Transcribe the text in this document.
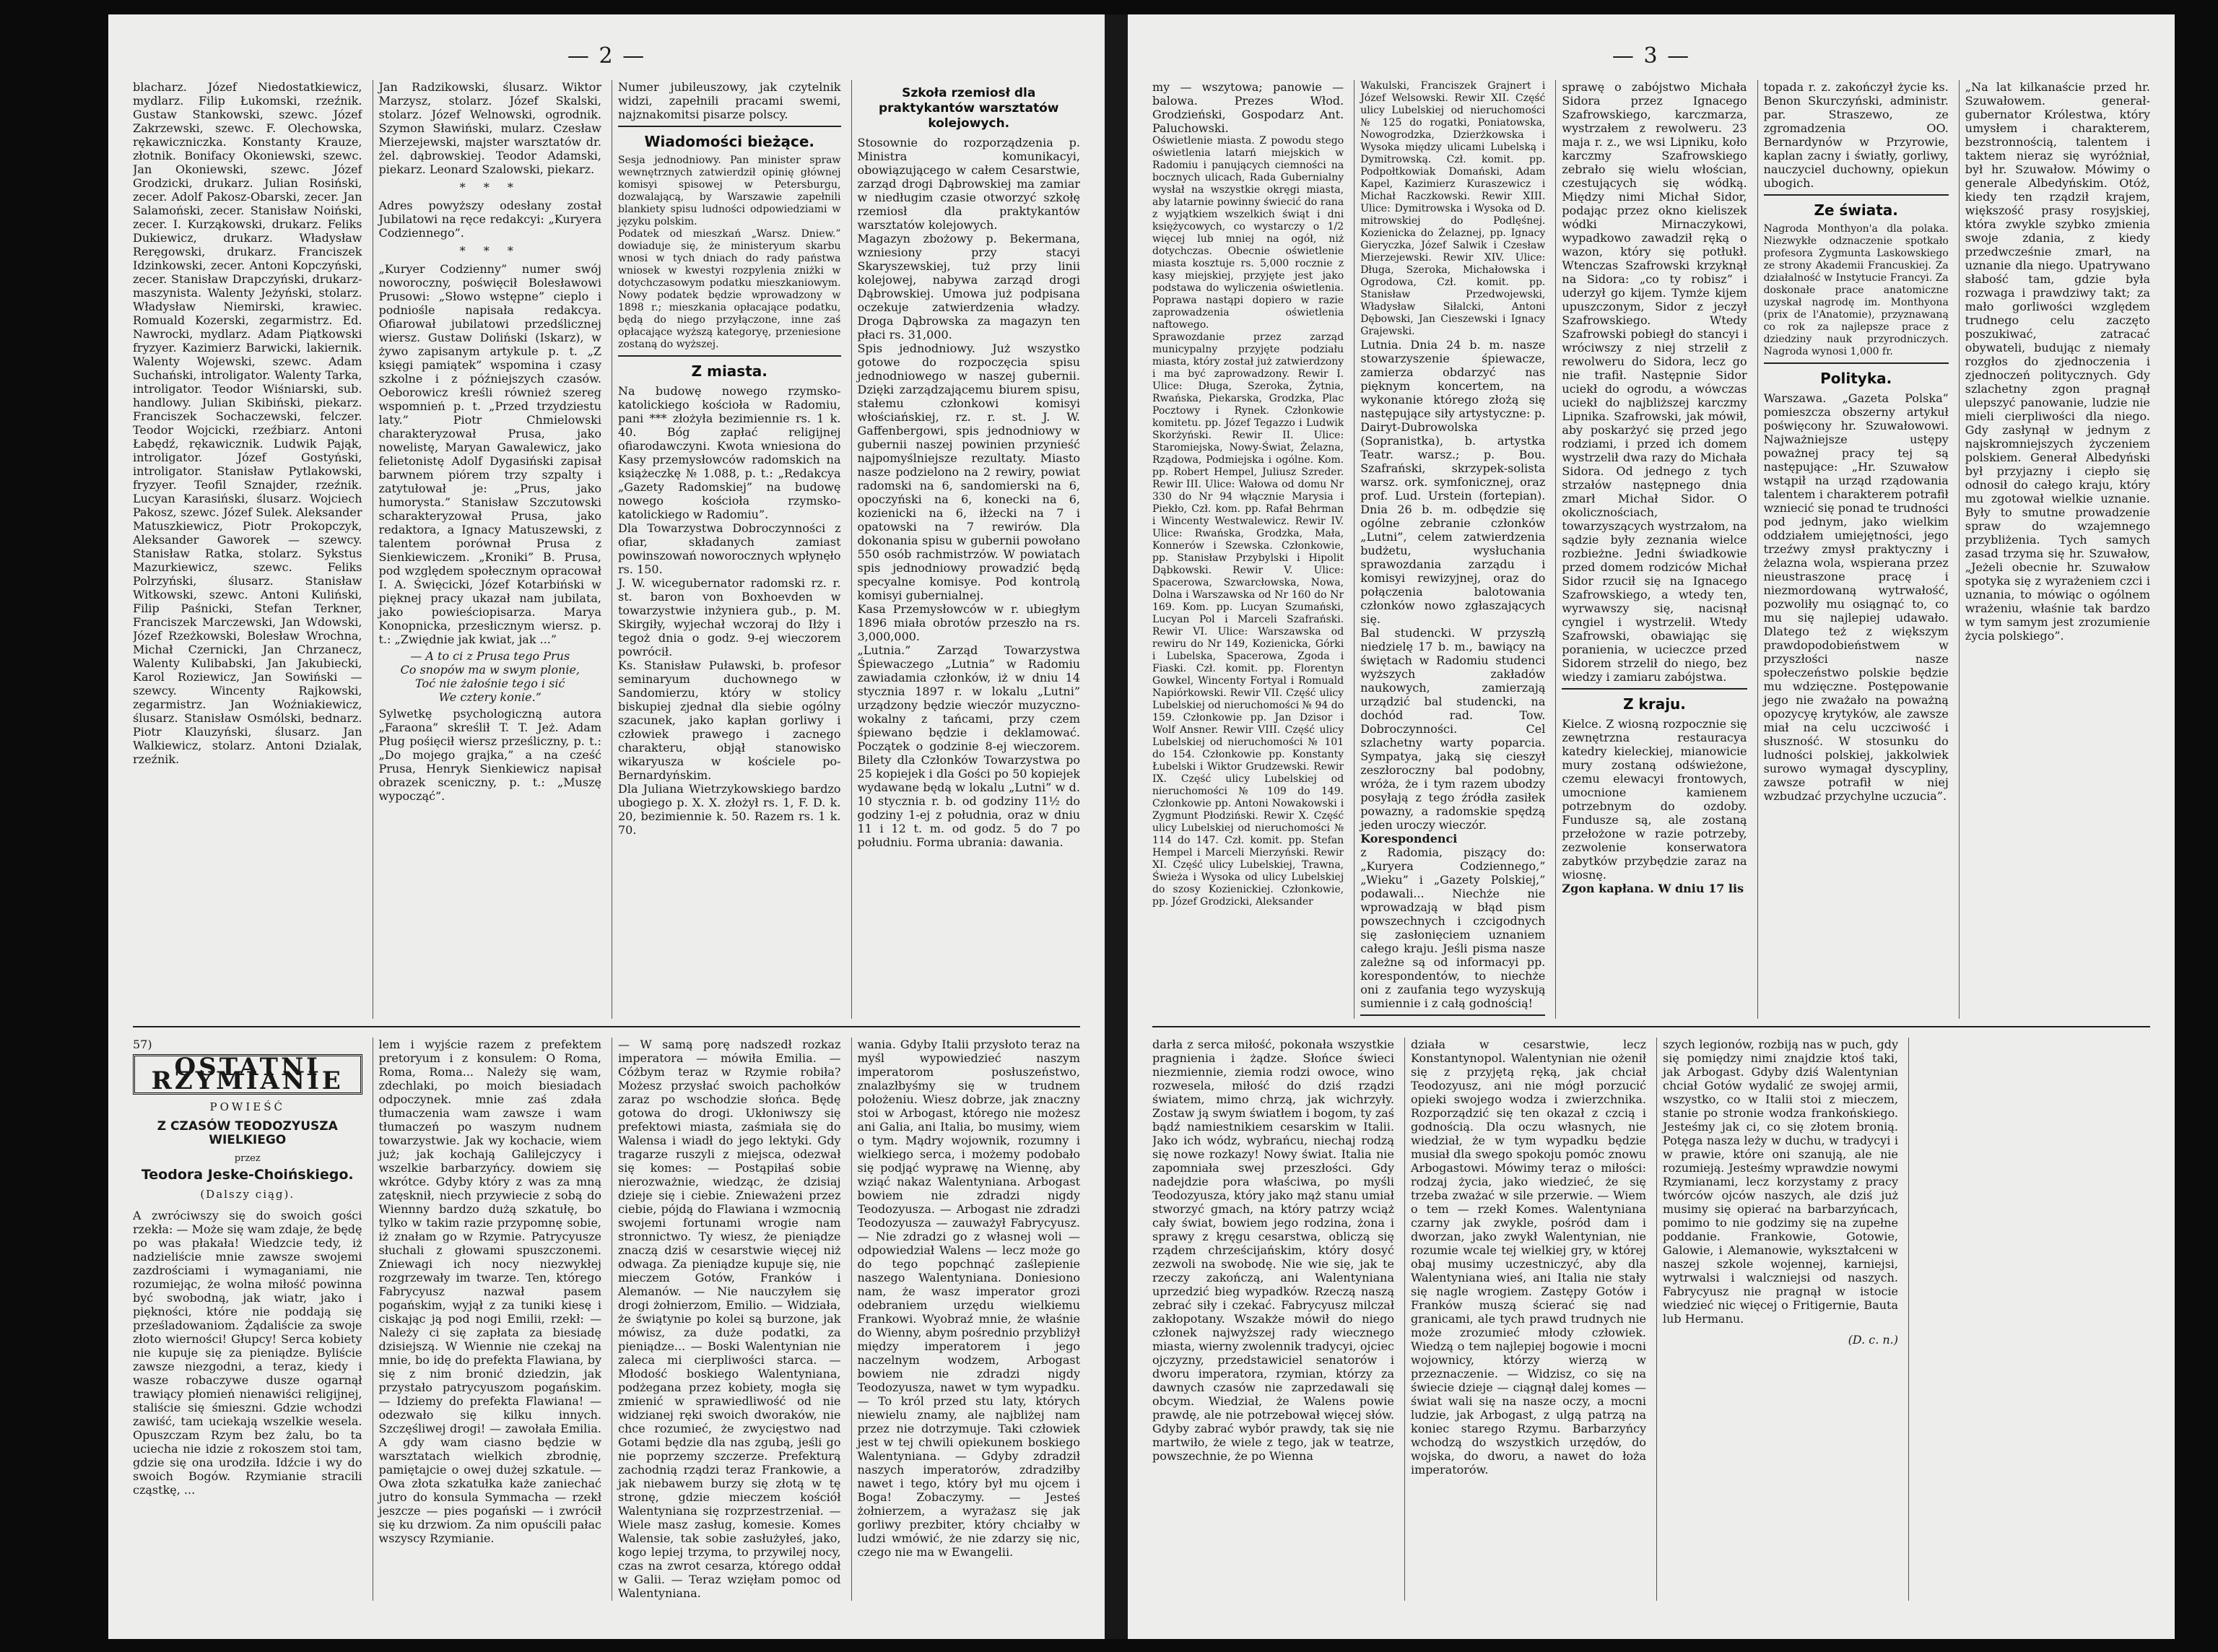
— 2 —
blacharz. Józef Niedostatkiewicz, mydlarz. Filip Łukomski, rzeźnik. Gustaw Stankowski, szewc. Józef Zakrzewski, szewc. F. Olechowska, rękawiczniczka. Konstanty Krauze, złotnik. Bonifacy Okoniewski, szewc. Jan Okoniewski, szewc. Józef Grodzicki, drukarz. Julian Rosiński, zecer. Adolf Pakosz-Obarski, zecer. Jan Salamoński, zecer. Stanisław Noiński, zecer. I. Kurząkowski, drukarz. Feliks Dukiewicz, drukarz. Władysław Reręgowski, drukarz. Franciszek Idzinkowski, zecer. Antoni Kopczyński, zecer. Stanisław Drapczyński, drukarz-maszynista. Walenty Jeżyński, stolarz. Władysław Niemirski, krawiec. Romuald Kozerski, zegarmistrz. Ed. Nawrocki, mydlarz. Adam Piątkowski fryzyer. Kazimierz Barwicki, lakiernik. Walenty Wojewski, szewc. Adam Suchański, introligator. Walenty Tarka, introligator. Teodor Wiśniarski, sub. handlowy. Julian Skibiński, piekarz. Franciszek Sochaczewski, felczer. Teodor Wojcicki, rzeźbiarz. Antoni Łabędź, rękawicznik. Ludwik Pająk, introligator. Józef Gostyński, introligator. Stanisław Pytlakowski, fryzyer. Teofil Sznajder, rzeźnik. Lucyan Karasiński, ślusarz. Wojciech Pakosz, szewc. Józef Sulek. Aleksander Matuszkiewicz, Piotr Prokopczyk, Aleksander Gaworek — szewcy. Stanisław Ratka, stolarz. Sykstus Mazurkiewicz, szewc. Feliks Polrzyński, ślusarz. Stanisław Witkowski, szewc. Antoni Kuliński, Filip Paśnicki, Stefan Terkner, Franciszek Marczewski, Jan Wdowski, Józef Rzeżkowski, Bolesław Wrochna, Michał Czernicki, Jan Chrzanecz, Walenty Kulibabski, Jan Jakubiecki, Karol Roziewicz, Jan Sowiński — szewcy. Wincenty Rajkowski, zegarmistrz. Jan Woźniakiewicz, ślusarz. Stanisław Osmólski, bednarz. Piotr Klauzyński, ślusarz. Jan Walkiewicz, stolarz. Antoni Dzialak, rzeźnik.
Jan Radzikowski, ślusarz. Wiktor Marzysz, stolarz. Józef Skalski, stolarz. Józef Welnowski, ogrodnik. Szymon Sławiński, mularz. Czesław Mierzejewski, majster warsztatów dr. żel. dąbrowskiej. Teodor Adamski, piekarz. Leonard Szalowski, piekarz.
* * *
Adres powyższy odesłany został Jubilatowi na ręce redakcyi: „Kuryera Codziennego”.
* * *
„Kuryer Codzienny” numer swój noworoczny, poświęcił Bolesławowi Prusowi: „Słowo wstępne” cieplo i podniośle napisała redakcya. Ofiarował jubilatowi przedślicznej wiersz. Gustaw Doliński (Iskarz), w żywo zapisanym artykule p. t. „Z księgi pamiątek” wspomina i czasy szkolne i z późniejszych czasów. Oeborowicz kreśli również szereg wspomnień p. t. „Przed trzydziestu laty.” Piotr Chmielowski charakteryzował Prusa, jako nowelistę, Maryan Gawalewicz, jako felietonistę Adolf Dygasiński zapisał barwnem piórem trzy szpalty i zatytułował je: „Prus, jako humorysta.” Stanisław Szczutowski scharakteryzował Prusa, jako redaktora, a Ignacy Matuszewski, z talentem porównał Prusa z Sienkiewiczem. „Kroniki” B. Prusa, pod względem społecznym opracował I. A. Święcicki, Józef Kotarbiński w pięknej pracy ukazał nam jubilata, jako powieściopisarza. Marya Konopnicka, przesłicznym wiersz. p. t.: „Zwiędnie jak kwiat, jak ...”
— A to ci z Prusa tego Prus
Co snopów ma w swym plonie,
Toć nie żałośnie tego i sić
We cztery konie.”
Sylwetkę psychologiczną autora „Faraona” skreślił T. T. Jeż. Adam Pług pośięcił wiersz prześliczny, p. t.: „Do mojego grajka,” a na cześć Prusa, Henryk Sienkiewicz napisał obrazek sceniczny, p. t.: „Muszę wypocząć”.
Numer jubileuszowy, jak czytelnik widzi, zapełnili pracami swemi, najznakomitsi pisarze polscy.
Wiadomości bieżące.
Sesja jednodniowy. Pan minister spraw wewnętrznych zatwierdził opinię głównej komisyi spisowej w Petersburgu, dozwalającą, by Warszawie zapełnili blankiety spisu ludności odpowiedziami w języku polskim.
Podatek od mieszkań „Warsz. Dniew.” dowiaduje się, że ministeryum skarbu wnosi w tych dniach do rady państwa wniosek w kwestyi rozpylenia zniżki w dotychczasowym podatku mieszkaniowym. Nowy podatek będzie wprowadzony w 1898 r.; mieszkania opłacające podatku, będą do niego przyłączone, inne zaś opłacające wyższą kategoryę, przeniesione zostaną do wyższej.
Z miasta.
Na budowę nowego rzymsko-katolickiego kościoła w Radomiu, pani *** złożyła bezimiennie rs. 1 k. 40. Bóg zapłać religijnej ofiarodawczyni. Kwota wniesiona do Kasy przemysłowców radomskich na książeczkę № 1.088, p. t.: „Redakcya „Gazety Radomskiej” na budowę nowego kościoła rzymsko-katolickiego w Radomiu”.
Dla Towarzystwa Dobroczynności z ofiar, składanych zamiast powinszowań noworocznych wpłynęło rs. 150.
J. W. wicegubernator radomski rz. r. st. baron von Boxhoevden w towarzystwie inżyniera gub., p. M. Skirgiły, wyjechał wczoraj do Iłży i tegoż dnia o godz. 9-ej wieczorem powrócił.
Ks. Stanisław Puławski, b. profesor seminaryum duchownego w Sandomierzu, który w stolicy biskupiej zjednał dla siebie ogólny szacunek, jako kapłan gorliwy i człowiek prawego i zacnego charakteru, objął stanowisko wikaryusza w kościele po-Bernardyńskim.
Dla Juliana Wietrzykowskiego bardzo ubogiego p. X. X. złożył rs. 1, F. D. k. 20, bezimiennie k. 50. Razem rs. 1 k. 70.
Szkoła rzemiosł dla praktykantów warsztatów kolejowych.
Stosownie do rozporządzenia p. Ministra komunikacyi, obowiązującego w całem Cesarstwie, zarząd drogi Dąbrowskiej ma zamiar w niedługim czasie otworzyć szkołę rzemiosł dla praktykantów warsztatów kolejowych.
Magazyn zbożowy p. Bekermana, wzniesiony przy stacyi Skaryszewskiej, tuż przy linii kolejowej, nabywa zarząd drogi Dąbrowskiej. Umowa już podpisana oczekuje zatwierdzenia władzy. Droga Dąbrowska za magazyn ten płaci rs. 31,000.
Spis jednodniowy. Już wszystko gotowe do rozpoczęcia spisu jednodniowego w naszej gubernii. Dzięki zarządzającemu biurem spisu, stałemu członkowi komisyi włościańskiej, rz. r. st. J. W. Gaffenbergowi, spis jednodniowy w gubernii naszej powinien przynieść najpomyślniejsze rezultaty. Miasto nasze podzielono na 2 rewiry, powiat radomski na 6, sandomierski na 6, opoczyński na 6, konecki na 6, kozienicki na 6, iłżecki na 7 i opatowski na 7 rewirów. Dla dokonania spisu w gubernii powołano 550 osób rachmistrzów. W powiatach spis jednodniowy prowadzić będą specyalne komisye. Pod kontrolą komisyi gubernialnej.
Kasa Przemysłowców w r. ubiegłym 1896 miała obrotów przeszło na rs. 3,000,000.
„Lutnia.” Zarząd Towarzystwa Śpiewaczego „Lutnia” w Radomiu zawiadamia członków, iż w dniu 14 stycznia 1897 r. w lokalu „Lutni” urządzony będzie wieczór muzyczno-wokalny z tańcami, przy czem śpiewano będzie i deklamować. Początek o godzinie 8-ej wieczorem. Bilety dla Członków Towarzystwa po 25 kopiejek i dla Gości po 50 kopiejek wydawane będą w lokalu „Lutni” w d. 10 stycznia r. b. od godziny 11½ do godziny 1-ej z południa, oraz w dniu 11 i 12 t. m. od godz. 5 do 7 po południu. Forma ubrania: dawania.
57)
OSTATNI RZYMIANIE
POWIEŚĆ
Z CZASÓW TEODOZYUSZA WIELKIEGO
przez
Teodora Jeske-Choińskiego.
(Dalszy ciąg).
A zwróciwszy się do swoich gości rzekła: — Może się wam zdaje, że będę po was płakała! Wiedzcie tedy, iż nadzieliście mnie zawsze swojemi zazdrościami i wymaganiami, nie rozumiejąc, że wolna miłość powinna być swobodną, jak wiatr, jako i piękności, które nie poddają się prześladowaniom. Żądaliście za swoje złoto wierności! Głupcy! Serca kobiety nie kupuje się za pieniądze. Byliście zawsze niezgodni, a teraz, kiedy i wasze robaczywe dusze ogarnął trawiący płomień nienawiści religijnej, staliście się śmieszni. Gdzie wchodzi zawiść, tam uciekają wszelkie wesela. Opuszczam Rzym bez żalu, bo ta uciecha nie idzie z rokoszem stoi tam, gdzie się ona urodziła. Idźcie i wy do swoich Bogów. Rzymianie stracili cząstkę, ...
lem i wyjście razem z prefektem pretoryum i z konsulem: O Roma, Roma, Roma... Należy się wam, zdechlaki, po moich biesiadach odpoczynek. mnie zaś zdała tłumaczenia wam zawsze i wam tłumaczeń po waszym nudnem towarzystwie. Jak wy kochacie, wiem już; jak kochają Galilejczycy i wszelkie barbarzyńcy. dowiem się wkrótce. Gdyby który z was za mną zatęsknił, niech przywiecie z sobą do Wiennny bardzo dużą szkatułę, bo tylko w takim razie przypomnę sobie, iż znałam go w Rzymie. Patrycyusze słuchali z głowami spuszczonemi. Zniewagi ich nocy niezwykłej rozgrzewały im twarze. Ten, którego Fabrycyusz nazwał pasem pogańskim, wyjął z za tuniki kiesę i ciskając ją pod nogi Emilii, rzekł: — Należy ci się zapłata za biesiadę dzisiejszą. W Wiennie nie czekaj na mnie, bo idę do prefekta Flawiana, by się z nim bronić dziedzin, jak przystało patrycyuszom pogańskim. — Idziemy do prefekta Flawiana! — odezwało się kilku innych. Szczęśliwej drogi! — zawołała Emilia. A gdy wam ciasno będzie w warsztatach wielkich zbrodnię, pamiętajcie o owej dużej szkatule. — Owa złota szkatułka każe zaniechać jutro do konsula Symmacha — rzekł jeszcze — pies pogański — i zwrócił się ku drzwiom. Za nim opuścili pałac wszyscy Rzymianie.
— W samą porę nadszedł rozkaz imperatora — mówiła Emilia. — Cóżbym teraz w Rzymie robiła? Możesz przysłać swoich pachołków zaraz po wschodzie słońca. Będę gotowa do drogi. Ukłoniwszy się prefektowi miasta, zaśmiała się do Walensa i wiadł do jego lektyki. Gdy tragarze ruszyli z miejsca, odezwał się komes: — Postąpiłaś sobie nierozważnie, wiedząc, że dzisiaj dzieje się i ciebie. Znieważeni przez ciebie, pójdą do Flawiana i wzmocnią swojemi fortunami wrogie nam stronnictwo. Ty wiesz, że pieniądze znaczą dziś w cesarstwie więcej niż odwaga. Za pieniądze kupuje się, nie mieczem Gotów, Franków i Alemanów. — Nie nauczyłem się drogi żołnierzom, Emilio. — Widziała, że świątynie po kolei są burzone, jak mówisz, za duże podatki, za pieniądze... — Boski Walentynian nie zaleca mi cierpliwości starca. — Młodość boskiego Walentyniana, podżegana przez kobiety, mogła się zmienić w sprawiedliwość od nie widzianej ręki swoich dworaków, nie chce rozumieć, że zwycięstwo nad Gotami będzie dla nas zgubą, jeśli go nie poprzemy szczerze. Prefekturą zachodnią rządzi teraz Frankowie, a jak niebawem burzy się złotą w tę stronę, gdzie mieczem kościół Walentyniana się rozprzestrzeniał. — Wiele masz zasług, komesie. Komes Walensie, tak sobie zasłużyłeś, jako, kogo lepiej trzyma, to przywilej nocy, czas na zwrot cesarza, którego oddał w Galii. — Teraz wzięłam pomoc od Walentyniana.
wania. Gdyby Italii przysłoto teraz na myśl wypowiedzieć naszym imperatorom posłuszeństwo, znalazłbyśmy się w trudnem położeniu. Wiesz dobrze, jak znaczny stoi w Arbogast, którego nie możesz ani Galia, ani Italia, bo musimy, wiem o tym. Mądry wojownik, rozumny i wielkiego serca, i możemy podobało się podjąć wyprawę na Wiennę, aby wziąć nakaz Walentyniana. Arbogast bowiem nie zdradzi nigdy Teodozyusza. — Arbogast nie zdradzi Teodozyusza — zauważył Fabrycyusz. — Nie zdradzi go z własnej woli — odpowiedział Walens — lecz może go do tego popchnąć zaślepienie naszego Walentyniana. Doniesiono nam, że wasz imperator grozi odebraniem urzędu wielkiemu Frankowi. Wyobraź mnie, że właśnie do Wienny, abym pośrednio przybliżył między imperatorem i jego naczelnym wodzem, Arbogast bowiem nie zdradzi nigdy Teodozyusza, nawet w tym wypadku. — To król przed stu laty, których niewielu znamy, ale najbliżej nam przez nie dotrzymuje. Taki człowiek jest w tej chwili opiekunem boskiego Walentyniana. — Gdyby zdradził naszych imperatorów, zdradziłby nawet i tego, który był mu ojcem i Boga! Zobaczymy. — Jesteś żołnierzem, a wyrażasz się jak gorliwy prezbiter, który chciałby w ludzi wmówić, że nie zdarzy się nic, czego nie ma w Ewangelii.
— 3 —
my — wszytowa; panowie — balowa. Prezes Włod. Grodzieński, Gospodarz Ant. Paluchowski.
Oświetlenie miasta. Z powodu stego oświetlenia latarń miejskich w Radomiu i panujących ciemności na bocznych ulicach, Rada Gubernialny wysłał na wszystkie okręgi miasta, aby latarnie powinny świecić do rana z wyjątkiem wszelkich świąt i dni księżycowych, co wystarczy o 1/2 więcej lub mniej na ogół, niż dotychczas. Obecnie oświetlenie miasta kosztuje rs. 5,000 rocznie z kasy miejskiej, przyjęte jest jako podstawa do wyliczenia oświetlenia. Poprawa nastąpi dopiero w razie zaprowadzenia oświetlenia naftowego.
Sprawozdanie przez zarząd municypalny przyjęte podziału miasta, który został już zatwierdzony i ma być zaprowadzony. Rewir I. Ulice: Długa, Szeroka, Żytnia, Rwańska, Piekarska, Grodzka, Plac Pocztowy i Rynek. Członkowie komitetu. pp. Józef Tegazzo i Ludwik Skorżyński. Rewir II. Ulice: Staromiejska, Nowy-Świat, Żelazna, Rządowa, Podmiejska i ogólne. Kom. pp. Robert Hempel, Juliusz Szreder. Rewir III. Ulice: Wałowa od domu Nr 330 do Nr 94 włącznie Marysia i Piekło, Czł. kom. pp. Rafał Behrman i Wincenty Westwalewicz. Rewir IV. Ulice: Rwańska, Grodzka, Mała, Konnerów i Szewska. Członkowie, pp. Stanisław Przybylski i Hipolit Dąbkowski. Rewir V. Ulice: Spacerowa, Szwarcłowska, Nowa, Dolna i Warszawska od Nr 160 do Nr 169. Kom. pp. Lucyan Szumański, Lucyan Pol i Marceli Szafrański. Rewir VI. Ulice: Warszawska od rewiru do Nr 149, Kozienicka, Górki i Lubelska, Spacerowa, Zgoda i Fiaski. Czł. komit. pp. Florentyn Gowkel, Wincenty Fortyal i Romuald Napiórkowski. Rewir VII. Część ulicy Lubelskiej od nieruchomości № 94 do 159. Członkowie pp. Jan Dzisor i Wolf Ansner. Rewir VIII. Część ulicy Lubelskiej od nieruchomości № 101 do 154. Członkowie pp. Konstanty Łubelski i Wiktor Grudzewski. Rewir IX. Część ulicy Lubelskiej od nieruchomości № 109 do 149. Członkowie pp. Antoni Nowakowski i Zygmunt Płodziński. Rewir X. Część ulicy Lubelskiej od nieruchomości № 114 do 147. Czł. komit. pp. Stefan Hempel i Marceli Mierzyński. Rewir XI. Część ulicy Lubelskiej, Trawna, Świeża i Wysoka od ulicy Lubelskiej do szosy Kozienickiej. Członkowie, pp. Józef Grodzicki, Aleksander
Wakulski, Franciszek Grajnert i Józef Welsowski. Rewir XII. Część ulicy Lubelskiej od nieruchomości № 125 do rogatki, Poniatowska, Nowogrodzka, Dzierżkowska i Wysoka między ulicami Lubelską i Dymitrowską. Czł. komit. pp. Podpołtkowiak Domański, Adam Kapel, Kazimierz Kuraszewicz i Michał Raczkowski. Rewir XIII. Ulice: Dymitrowska i Wysoka od D. mitrowskiej do Podlęśnej. Kozienicka do Żelaznej, pp. Ignacy Gieryczka, Józef Salwik i Czesław Mierzejewski. Rewir XIV. Ulice: Długa, Szeroka, Michałowska i Ogrodowa, Czł. komit. pp. Stanisław Przedwojewski, Władysław Siłalcki, Antoni Dębowski, Jan Cieszewski i Ignacy Grajewski.
Lutnia. Dnia 24 b. m. nasze stowarzyszenie śpiewacze, zamierza obdarzyć nas pięknym koncertem, na wykonanie którego złożą się następujące siły artystyczne: p. Dairyt-Dubrowolska (Sopranistka), b. artystka Teatr. warsz.; p. Bou. Szafrański, skrzypek-solista warsz. ork. symfonicznej, oraz prof. Lud. Urstein (fortepian). Dnia 26 b. m. odbędzie się ogólne zebranie członków „Lutni”, celem zatwierdzenia budżetu, wysłuchania sprawozdania zarządu i komisyi rewizyjnej, oraz do połączenia balotowania członków nowo zgłaszających się.
Bal studencki. W przyszłą niedzielę 17 b. m., bawiący na świętach w Radomiu studenci wyższych zakładów naukowych, zamierzają urządzić bal studencki, na dochód rad. Tow. Dobroczynności. Cel szlachetny warty poparcia. Sympatya, jaką się cieszył zeszłoroczny bal podobny, wróża, że i tym razem ubodzy posyłają z tego źródła zasiłek powazny, a radomskie spędzą jeden uroczy wieczór.
Korespondenci
z Radomia, piszący do: „Kuryera Codziennego,” „Wieku” i „Gazety Polskiej,” podawali... Niechże nie wprowadzają w błąd pism powszechnych i czcigodnych się zasłonięciem uznaniem całego kraju. Jeśli pisma nasze zależne są od informacyi pp. korespondentów, to niechże oni z zaufania tego wyzyskują sumiennie i z całą godnością!
sprawę o zabójstwo Michała Sidora przez Ignacego Szafrowskiego, karczmarza, wystrzałem z rewolweru. 23 maja r. z., we wsi Lipniku, koło karczmy Szafrowskiego zebrało się wielu włościan, czestujących się wódką. Między nimi Michał Sidor, podając przez okno kieliszek wódki Mirnaczykowi, wypadkowo zawadził ręką o wazon, który się potłukł. Wtenczas Szafrowski krzyknął na Sidora: „co ty robisz” i uderzył go kijem. Tymże kijem upuszczonym, Sidor z jeczył Szafrowskiego. Wtedy Szafrowski pobiegł do stancyi i wróciwszy z niej strzelił z rewolweru do Sidora, lecz go nie trafił. Następnie Sidor uciekł do ogrodu, a wówczas uciekł do najbliższej karczmy Lipnika. Szafrowski, jak mówił, aby poskarżyć się przed jego rodziami, i przed ich domem wystrzelił dwa razy do Michała Sidora. Od jednego z tych strzałów następnego dnia zmarł Michał Sidor. O okolicznościach, towarzyszących wystrzałom, na sądzie były zeznania wielce rozbieżne. Jedni świadkowie przed domem rodziców Michał Sidor rzucił się na Ignacego Szafrowskiego, a wtedy ten, wyrwawszy się, nacisnął cyngiel i wystrzelił. Wtedy Szafrowski, obawiając się poranienia, w ucieczce przed Sidorem strzelił do niego, bez wiedzy i zamiaru zabójstwa.
Z kraju.
Kielce. Z wiosną rozpocznie się zewnętrzna restauracya katedry kieleckiej, mianowicie mury zostaną odświeżone, czemu elewacyi frontowych, umocnione kamienem potrzebnym do ozdoby. Fundusze są, ale zostaną przełożone w razie potrzeby, zezwolenie konserwatora zabytków przybędzie zaraz na wiosnę.
Zgon kapłana. W dniu 17 lis
topada r. z. zakończył życie ks. Benon Skurczyński, administr. par. Straszewo, ze zgromadzenia OO. Bernardynów w Przyrowie, kaplan zacny i światły, gorliwy, nauczyciel duchowny, opiekun ubogich.
Ze świata.
Nagroda Monthyon'a dla polaka. Niezwykłe odznaczenie spotkało profesora Zygmunta Laskowskiego ze strony Akademii Francuskiej. Za działalność w Instytucie Francyi. Za doskonałe prace anatomiczne uzyskał nagrodę im. Monthyona (prix de l'Anatomie), przyznawaną co rok za najlepsze prace z dziedziny nauk przyrodniczych. Nagroda wynosi 1,000 fr.
Polityka.
Warszawa. „Gazeta Polska” pomieszcza obszerny artykuł poświęcony hr. Szuwałowowi. Najważniejsze ustępy poważnej pracy tej są następujące: „Hr. Szuwałow wstąpił na urząd rządowania talentem i charakterem potrafił wzniecić się ponad te trudności pod jednym, jako wielkim oddziałem umiejętności, jego trzeźwy zmysł praktyczny i żelazna wola, wspierana przez nieustraszone pracę i niezmordowaną wytrwałość, pozwoliły mu osiągnąć to, co mu się najlepiej udawało. Dlatego też z większym prawdopodobieństwem w przyszłości nasze społeczeństwo polskie będzie mu wdzięczne. Postępowanie jego nie zważało na poważną opozycyę krytyków, ale zawsze miał na celu uczciwość i słuszność. W stosunku do ludności polskiej, jakkolwiek surowo wymagał dyscypliny, zawsze potrafił w niej wzbudzać przychylne uczucia”.
„Na lat kilkanaście przed hr. Szuwałowem. generał-gubernator Królestwa, który umysłem i charakterem, bezstronnością, talentem i taktem nieraz się wyróżniał, był hr. Szuwałow. Mówimy o generale Albedyńskim. Otóż, kiedy ten rządził krajem, większość prasy rosyjskiej, która zwykle szybko zmienia swoje zdania, z kiedy przedwcześnie zmarł, na uznanie dla niego. Upatrywano słabość tam, gdzie była rozwaga i prawdziwy takt; za mało gorliwości względem trudnego celu zaczęto poszukiwać, zatracać obywateli, budując z niemały rozgłos do zjednoczenia i zjednoczeń politycznych. Gdy szlachetny zgon pragnął ulepszyć panowanie, ludzie nie mieli cierpliwości dla niego. Gdy zasłynął w jednym z najskromniejszych życzeniem polskiem. Generał Albedyński był przyjazny i ciepło się odnosił do całego kraju, który mu zgotował wielkie uznanie. Były to smutne prowadzenie spraw do wzajemnego przybliżenia. Tych samych zasad trzyma się hr. Szuwałow, „Jeżeli obecnie hr. Szuwałow spotyka się z wyrażeniem czci i uznania, to mówiąc o ogólnem wrażeniu, właśnie tak bardzo w tym samym jest zrozumienie życia polskiego”.
darła z serca miłość, pokonała wszystkie pragnienia i żądze. Słońce świeci niezmiennie, ziemia rodzi owoce, wino rozwesela, miłość do dziś rządzi światem, mimo chrzą, jak wichrzyły. Zostaw ją swym światłem i bogom, ty zaś bądź namiestnikiem cesarskim w Italii. Jako ich wódz, wybrańcu, niechaj rodzą się nowe rozkazy! Nowy świat. Italia nie zapomniała swej przeszłości. Gdy nadejdzie pora właściwa, po myśli Teodozyusza, który jako mąż stanu umiał stworzyć gmach, na który patrzy wciąż cały świat, bowiem jego rodzina, żona i sprawy z kręgu cesarstwa, obliczą się rządem chrześcijańskim, który dosyć zezwoli na swobodę. Nie wie się, jak te rzeczy zakończą, ani Walentyniana uprzedzić bieg wypadków. Rzeczą naszą zebrać siły i czekać. Fabrycyusz milczał zakłopotany. Wszakże mówił do niego członek najwyższej rady wiecznego miasta, wierny zwolennik tradycyi, ojciec ojczyzny, przedstawiciel senatorów i dworu imperatora, rzymian, którzy za dawnych czasów nie zaprzedawali się obcym. Wiedział, że Walens powie prawdę, ale nie potrzebował więcej słów. Gdyby zabrać wybór prawdy, tak się nie martwiło, że wiele z tego, jak w teatrze, powszechnie, że po Wienna
działa w cesarstwie, lecz Konstantynopol. Walentynian nie ożenił się z przyjętą ręką, jak chciał Teodozyusz, ani nie mógł porzucić opieki swojego wodza i zwierzchnika. Rozporządzić się ten okazał z czcią i godnością. Dla oczu własnych, nie wiedział, że w tym wypadku będzie musiał dla swego spokoju pomóc znowu Arbogastowi. Mówimy teraz o miłości: rodzaj życia, jako wiedzieć, że się trzeba zważać w sile przerwie. — Wiem o tem — rzekł Komes. Walentyniana czarny jak zwykle, pośród dam i dworzan, jako zwykł Walentynian, nie rozumie wcale tej wielkiej gry, w której obaj musimy uczestniczyć, aby dla Walentyniana wieś, ani Italia nie stały się nagle wrogiem. Zastępy Gotów i Franków muszą ścierać się nad granicami, ale tych prawd trudnych nie może zrozumieć młody człowiek. Wiedzą o tem najlepiej bogowie i mocni wojownicy, którzy wierzą w przeznaczenie. — Widzisz, co się na świecie dzieje — ciągnął dalej komes — świat wali się na nasze oczy, a mocni ludzie, jak Arbogast, z ulgą patrzą na koniec starego Rzymu. Barbarzyńcy wchodzą do wszystkich urzędów, do wojska, do dworu, a nawet do łoża imperatorów.
szych legionów, rozbiją nas w puch, gdy się pomiędzy nimi znajdzie ktoś taki, jak Arbogast. Gdyby dziś Walentynian chciał Gotów wydalić ze swojej armii, wszystko, co w Italii stoi z mieczem, stanie po stronie wodza frankońskiego. Jesteśmy jak ci, co się złotem bronią. Potęga nasza leży w duchu, w tradycyi i w prawie, które oni szanują, ale nie rozumieją. Jesteśmy wprawdzie nowymi Rzymianami, lecz korzystamy z pracy twórców ojców naszych, ale dziś już musimy się opierać na barbarzyńcach, pomimo to nie godzimy się na zupełne poddanie. Frankowie, Gotowie, Galowie, i Alemanowie, wykształceni w naszej szkole wojennej, karniejsi, wytrwalsi i walczniejsi od naszych. Fabrycyusz nie pragnął w istocie wiedzieć nic więcej o Fritigernie, Bauta lub Hermanu.
(D. c. n.)
